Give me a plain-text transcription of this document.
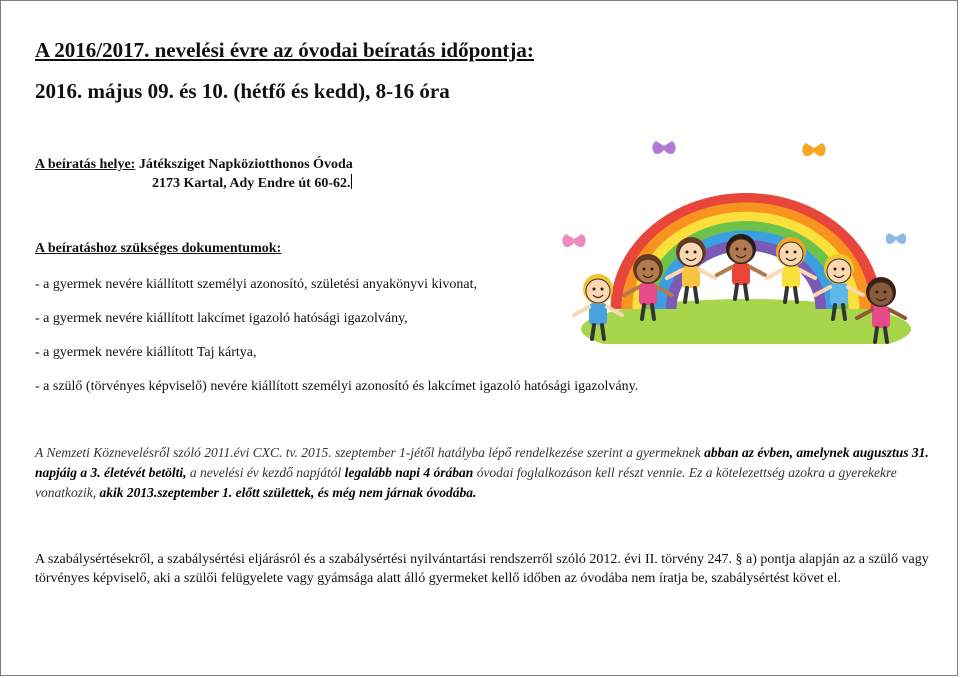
A 2016/2017. nevelési évre az óvodai beíratás időpontja:
2016. május 09. és 10. (hétfő és kedd), 8-16 óra
A beíratás helye: Játéksziget Napköziotthonos Óvoda
2173 Kartal, Ady Endre út 60-62.
A beíratáshoz szükséges dokumentumok:
- a gyermek nevére kiállított személyi azonosító, születési anyakönyvi kivonat,
- a gyermek nevére kiállított lakcímet igazoló hatósági igazolvány,
- a gyermek nevére kiállított Taj kártya,
- a szülő (törvényes képviselő) nevére kiállított személyi azonosító és lakcímet igazoló hatósági igazolvány.

A Nemzeti Köznevelésről szóló 2011.évi CXC. tv. 2015. szeptember 1-jétől hatályba lépő rendelkezése szerint a gyermeknek abban az évben, amelynek augusztus 31. napjáig a 3. életévét betölti, a nevelési év kezdő napjától legalább napi 4 órában óvodai foglalkozáson kell részt vennie. Ez a kötelezettség azokra a gyerekekre vonatkozik, akik 2013.szeptember 1. előtt születtek, és még nem járnak óvodába.

A szabálysértésekről, a szabálysértési eljárásról és a szabálysértési nyilvántartási rendszerről szóló 2012. évi II. törvény 247. § a) pontja alapján az a szülő vagy törvényes képviselő, aki a szülői felügyelete vagy gyámsága alatt álló gyermeket kellő időben az óvodába nem íratja be, szabálysértést követ el.
